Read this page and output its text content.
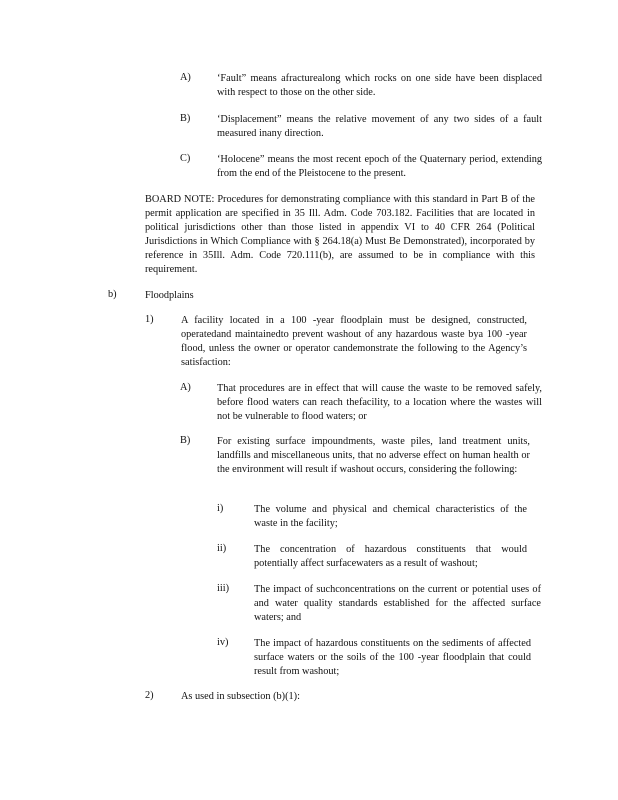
A)	‘Fault” means afracturealong which rocks on one side have been displaced with respect to those on the other side.
B)	‘Displacement” means the relative movement of any two sides of a fault measured inany direction.
C)	‘Holocene” means the most recent epoch of the Quaternary period, extending from the end of the Pleistocene to the present.
BOARD NOTE: Procedures for demonstrating compliance with this standard in Part B of the permit application are specified in 35 Ill. Adm. Code 703.182. Facilities that are located in political jurisdictions other than those listed in appendix VI to 40 CFR 264 (Political Jurisdictions in Which Compliance with § 264.18(a) Must Be Demonstrated), incorporated by reference in 35Ill. Adm. Code 720.111(b), are assumed to be in compliance with this requirement.
b)	Floodplains
1)	A facility located in a 100 -year floodplain must be designed, constructed, operatedand maintainedto prevent washout of any hazardous waste bya 100 -year flood, unless the owner or operator candemonstrate the following to the Agency’s satisfaction:
A)	That procedures are in effect that will cause the waste to be removed safely, before flood waters can reach thefacility, to a location where the wastes will not be vulnerable to flood waters; or
B)	For existing surface impoundments, waste piles, land treatment units, landfills and miscellaneous units, that no adverse effect on human health or the environment will result if washout occurs, considering the following:
i)	The volume and physical and chemical characteristics of the waste in the facility;
ii)	The concentration of hazardous constituents that would potentially affect surfacewaters as a result of washout;
iii) The impact of suchconcentrations on the current or potential uses of and water quality standards established for the affected surface waters; and
iv) The impact of hazardous constituents on the sediments of affected surface waters or the soils of the 100 -year floodplain that could result from washout;
2)	As used in subsection (b)(1):
